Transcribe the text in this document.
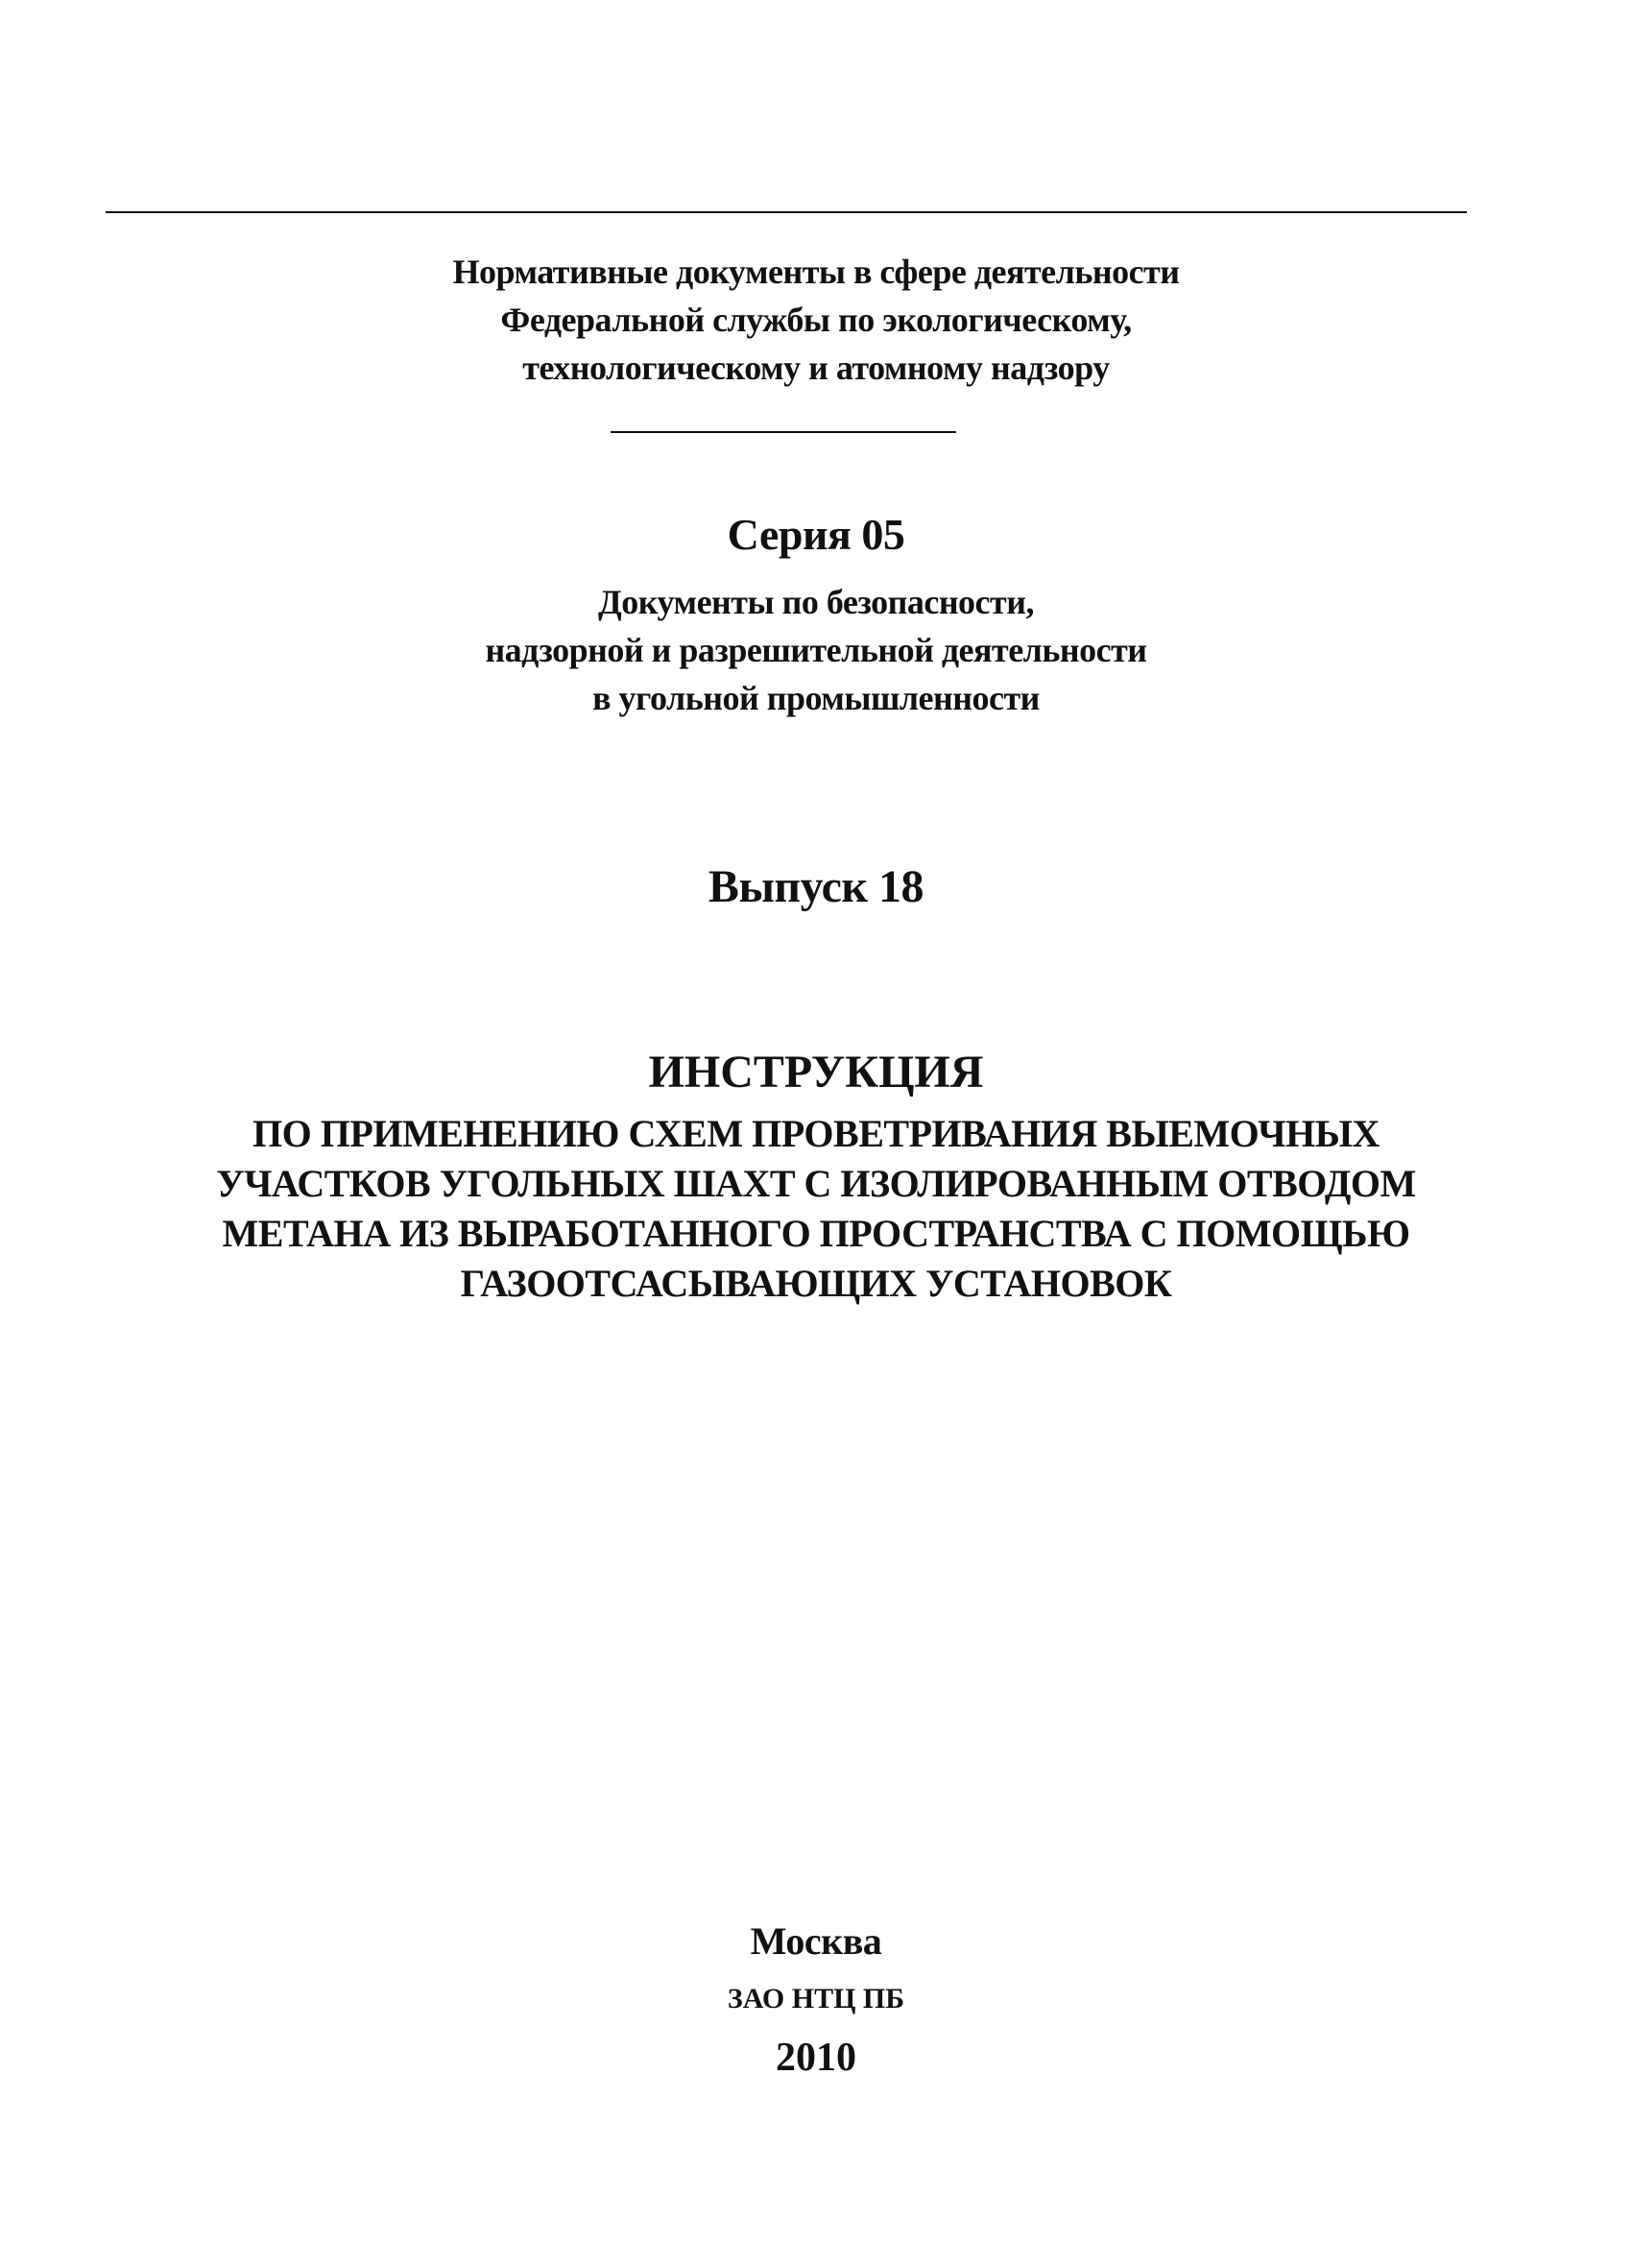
Нормативные документы в сфере деятельности
Федеральной службы по экологическому,
технологическому и атомному надзору
Серия 05
Документы по безопасности,
надзорной и разрешительной деятельности
в угольной промышленности
Выпуск 18
ИНСТРУКЦИЯ
ПО ПРИМЕНЕНИЮ СХЕМ ПРОВЕТРИВАНИЯ ВЫЕМОЧНЫХ
УЧАСТКОВ УГОЛЬНЫХ ШАХТ С ИЗОЛИРОВАННЫМ ОТВОДОМ
МЕТАНА ИЗ ВЫРАБОТАННОГО ПРОСТРАНСТВА С ПОМОЩЬЮ
ГАЗООТСАСЫВАЮЩИХ УСТАНОВОК
Москва
ЗАО НТЦ ПБ
2010
